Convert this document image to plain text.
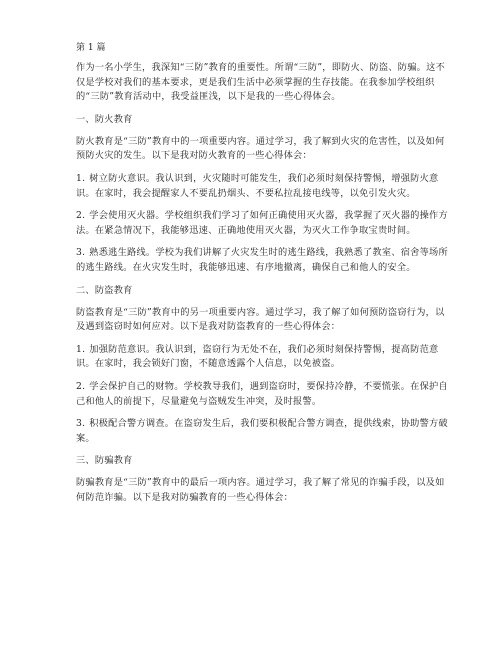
第 1 篇
作为一名小学生，我深知“三防”教育的重要性。所谓“三防”，即防火、防盗、防骗。这不仅是学校对我们的基本要求，更是我们生活中必须掌握的生存技能。在我参加学校组织的“三防”教育活动中，我受益匪浅，以下是我的一些心得体会。
一、防火教育
防火教育是“三防”教育中的一项重要内容。通过学习，我了解到火灾的危害性，以及如何预防火灾的发生。以下是我对防火教育的一些心得体会：
1. 树立防火意识。我认识到，火灾随时可能发生，我们必须时刻保持警惕，增强防火意识。在家时，我会提醒家人不要乱扔烟头、不要私拉乱接电线等，以免引发火灾。
2. 学会使用灭火器。学校组织我们学习了如何正确使用灭火器，我掌握了灭火器的操作方法。在紧急情况下，我能够迅速、正确地使用灭火器，为灭火工作争取宝贵时间。
3. 熟悉逃生路线。学校为我们讲解了火灾发生时的逃生路线，我熟悉了教室、宿舍等场所的逃生路线。在火灾发生时，我能够迅速、有序地撤离，确保自己和他人的安全。
二、防盗教育
防盗教育是“三防”教育中的另一项重要内容。通过学习，我了解了如何预防盗窃行为，以及遇到盗窃时如何应对。以下是我对防盗教育的一些心得体会：
1. 加强防范意识。我认识到，盗窃行为无处不在，我们必须时刻保持警惕，提高防范意识。在家时，我会锁好门窗，不随意透露个人信息，以免被盗。
2. 学会保护自己的财物。学校教导我们，遇到盗窃时，要保持冷静，不要慌张。在保护自己和他人的前提下，尽量避免与盗贼发生冲突，及时报警。
3. 积极配合警方调查。在盗窃发生后，我们要积极配合警方调查，提供线索，协助警方破案。
三、防骗教育
防骗教育是“三防”教育中的最后一项内容。通过学习，我了解了常见的诈骗手段，以及如何防范诈骗。以下是我对防骗教育的一些心得体会：
